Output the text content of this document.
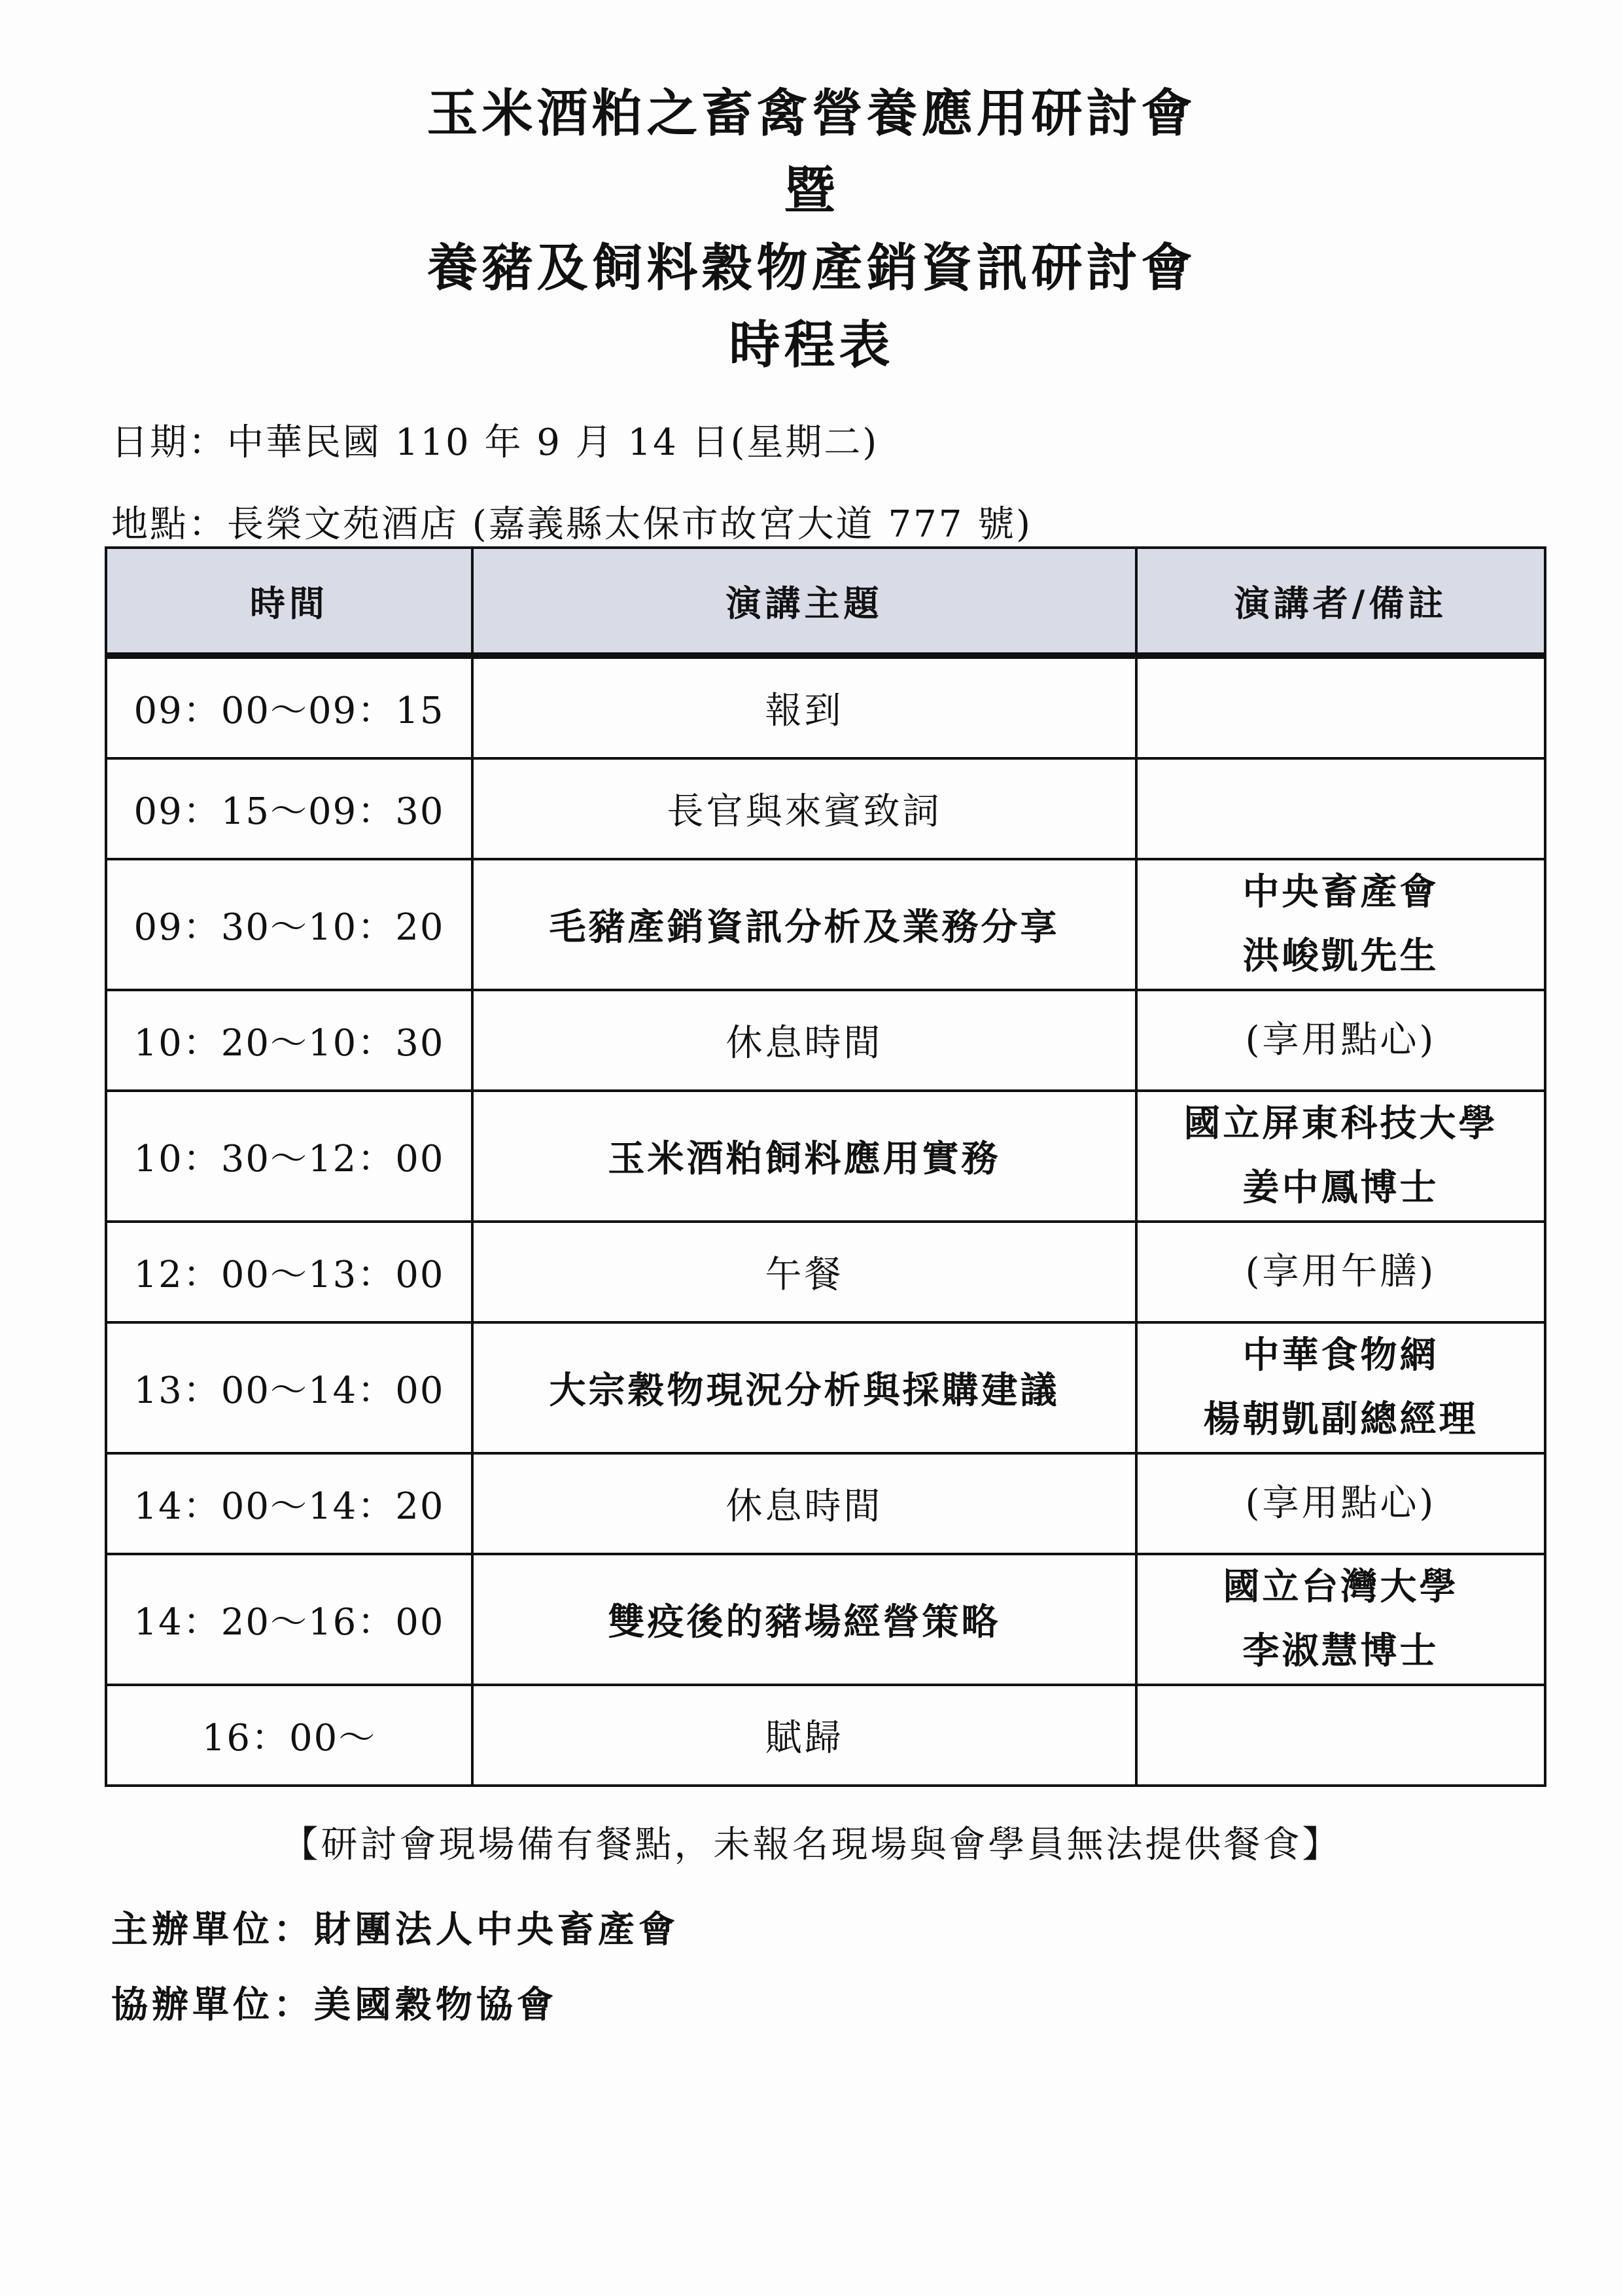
玉米酒粕之畜禽營養應用研討會
暨
養豬及飼料穀物產銷資訊研討會
時程表
日期：中華民國 110 年 9 月 14 日(星期二)
地點：長榮文苑酒店 (嘉義縣太保市故宮大道 777 號)
時間	演講主題	演講者/備註
09：00～09：15	報到	

09：15～09：30	長官與來賓致詞	

09：30～10：20	毛豬產銷資訊分析及業務分享	中央畜產會
洪峻凱先生

10：20～10：30	休息時間	(享用點心)

10：30～12：00	玉米酒粕飼料應用實務	國立屏東科技大學
姜中鳳博士

12：00～13：00	午餐	(享用午膳)

13：00～14：00	大宗穀物現況分析與採購建議	中華食物網
楊朝凱副總經理

14：00～14：20	休息時間	(享用點心)

14：20～16：00	雙疫後的豬場經營策略	國立台灣大學
李淑慧博士

16：00～	賦歸	
【研討會現場備有餐點，未報名現場與會學員無法提供餐食】
主辦單位：財團法人中央畜產會
協辦單位：美國穀物協會
